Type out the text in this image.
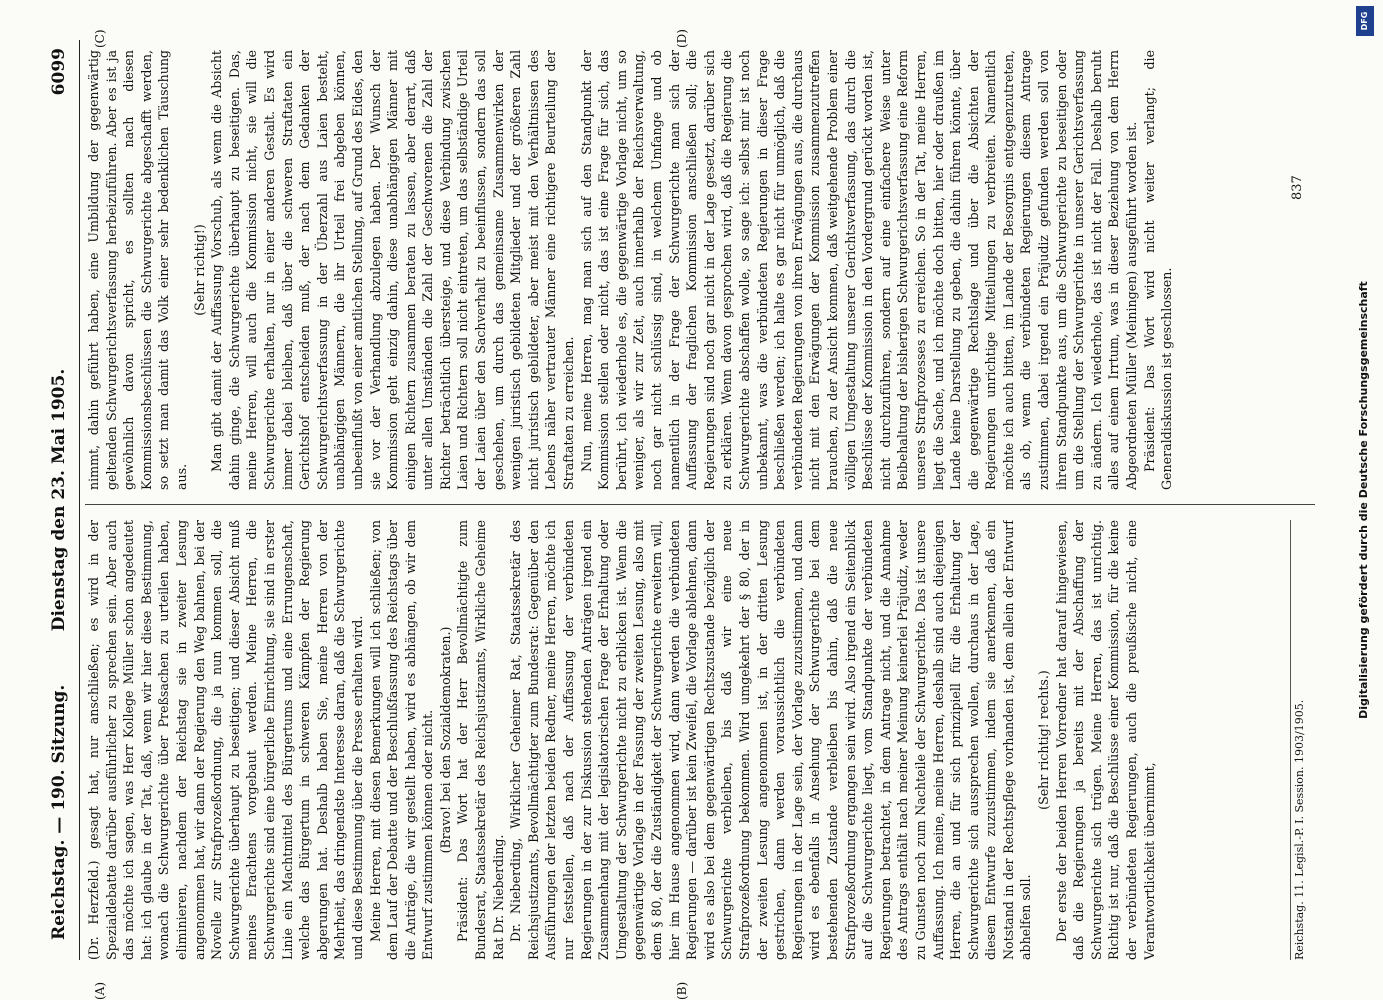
Reichstag. — 190. Sitzung.
Dienstag den 23. Mai 1905.
6099
(A)	(B)
(C)	(D)

(Dr. Herzfeld.) gesagt hat, nur anschließen; es wird in der Spezialdebatte darüber ausführlicher zu sprechen sein. Aber auch das möchte ich sagen, was Herr Kollege Müller schon angedeutet hat: ich glaube in der Tat, daß, wenn wir hier diese Bestimmung, wonach die Schwurgerichte über Preßsachen zu urteilen haben, eliminieren, nachdem der Reichstag sie in zweiter Lesung angenommen hat, wir dann der Regierung den Weg bahnen, bei der Novelle zur Strafprozeßordnung, die ja nun kommen soll, die Schwurgerichte überhaupt zu beseitigen; und dieser Absicht muß meines Erachtens vorgebaut werden. Meine Herren, die Schwurgerichte sind eine bürgerliche Einrichtung, sie sind in erster Linie ein Machtmittel des Bürgertums und eine Errungenschaft, welche das Bürgertum in schweren Kämpfen der Regierung abgerungen hat. Deshalb haben Sie, meine Herren von der Mehrheit, das dringendste Interesse daran, daß die Schwurgerichte und diese Bestimmung über die Presse erhalten wird. Meine Herren, mit diesen Bemerkungen will ich schließen; von dem Lauf der Debatte und der Beschlußfassung des Reichstags über die Anträge, die wir gestellt haben, wird es abhängen, ob wir dem Entwurf zustimmen können oder nicht. (Bravo! bei den Sozialdemokraten.) Präsident: Das Wort hat der Herr Bevollmächtigte zum Bundesrat, Staatssekretär des Reichsjustizamts, Wirkliche Geheime Rat Dr. Nieberding. Dr. Nieberding, Wirklicher Geheimer Rat, Staatssekretär des Reichsjustizamts, Bevollmächtigter zum Bundesrat: Gegenüber den Ausführungen der letzten beiden Redner, meine Herren, möchte ich nur feststellen, daß nach der Auffassung der verbündeten Regierungen in der zur Diskussion stehenden Anträgen irgend ein Zusammenhang mit der legislatorischen Frage der Erhaltung oder Umgestaltung der Schwurgerichte nicht zu erblicken ist. Wenn die gegenwärtige Vorlage in der Fassung der zweiten Lesung, also mit dem § 80, der die Zuständigkeit der Schwurgerichte erweitern will, hier im Hause angenommen wird, dann werden die verbündeten Regierungen — darüber ist kein Zweifel, die Vorlage ablehnen, dann wird es also bei dem gegenwärtigen Rechtszustande bezüglich der Schwurgerichte verbleiben, bis daß wir eine neue Strafprozeßordnung bekommen. Wird umgekehrt der § 80, der in der zweiten Lesung angenommen ist, in der dritten Lesung gestrichen, dann werden voraussichtlich die verbündeten Regierungen in der Lage sein, der Vorlage zuzustimmen, und dann wird es ebenfalls in Ansehung der Schwurgerichte bei dem bestehenden Zustande verbleiben bis dahin, daß die neue Strafprozeßordnung ergangen sein wird. Also irgend ein Seitenblick auf die Schwurgerichte liegt, vom Standpunkte der verbündeten Regierungen betrachtet, in dem Antrage nicht, und die Annahme des Antrags enthält nach meiner Meinung keinerlei Präjudiz, weder zu Gunsten noch zum Nachteile der Schwurgerichte. Das ist unsere Auffassung. Ich meine, meine Herren, deshalb sind auch diejenigen Herren, die an und für sich prinzipiell für die Erhaltung der Schwurgerichte sich aussprechen wollen, durchaus in der Lage, diesem Entwurfe zuzustimmen, indem sie anerkennen, daß ein Notstand in der Rechtspflege vorhanden ist, dem allein der Entwurf abhelfen soll.

(Sehr richtig! rechts.) Der erste der beiden Herren Vorredner hat darauf hingewiesen, daß die Regierungen ja bereits mit der Abschaffung der Schwurgerichte sich trügen. Meine Herren, das ist unrichtig. Richtig ist nur, daß die Beschlüsse einer Kommission, für die keine der verbündeten Regierungen, auch die preußische nicht, eine Verantwortlichkeit übernimmt,

nimmt, dahin geführt haben, eine Umbildung der gegenwärtig geltenden Schwurgerichtsverfassung herbeizuführen. Aber es ist ja gewöhnlich davon spricht, es sollten nach diesen Kommissionsbeschlüssen die Schwurgerichte abgeschafft werden, so setzt man damit das Volk einer sehr bedenklichen Täuschung aus.

(Sehr richtig!) Man gibt damit der Auffassung Vorschub, als wenn die Absicht dahin ginge, die Schwurgerichte überhaupt zu beseitigen. Das, meine Herren, will auch die Kommission nicht, sie will die Schwurgerichte erhalten, nur in einer anderen Gestalt. Es wird immer dabei bleiben, daß über die schweren Straftaten ein Gerichtshof entscheiden muß, der nach dem Gedanken der Schwurgerichtsverfassung in der Überzahl aus Laien besteht, unabhängigen Männern, die ihr Urteil frei abgeben können, unbeeinflußt von einer amtlichen Stellung, auf Grund des Eides, den sie vor der Verhandlung abzulegen haben. Der Wunsch der Kommission geht einzig dahin, diese unabhängigen Männer mit einigen Richtern zusammen beraten zu lassen, aber derart, daß unter allen Umständen die Zahl der Geschworenen die Zahl der Richter beträchtlich übersteige, und diese Verbindung zwischen Laien und Richtern soll nicht eintreten, um das selbständige Urteil der Laien über den Sachverhalt zu beeinflussen, sondern das soll geschehen, um durch das gemeinsame Zusammenwirken der wenigen juristisch gebildeten Mitglieder und der größeren Zahl nicht juristisch gebildeter, aber meist mit den Verhältnissen des Lebens näher vertrauter Männer eine richtigere Beurteilung der Straftaten zu erreichen. Nun, meine Herren, mag man sich auf den Standpunkt der Kommission stellen oder nicht, das ist eine Frage für sich, das berührt, ich wiederhole es, die gegenwärtige Vorlage nicht, um so weniger, als wir zur Zeit, auch innerhalb der Reichsverwaltung, noch gar nicht schlüssig sind, in welchem Umfange und ob namentlich in der Frage der Schwurgerichte man sich der Auffassung der fraglichen Kommission anschließen soll; die Regierungen sind noch gar nicht in der Lage gesetzt, darüber sich zu erklären. Wenn davon gesprochen wird, daß die Regierung die Schwurgerichte abschaffen wolle, so sage ich: selbst mir ist noch unbekannt, was die verbündeten Regierungen in dieser Frage beschließen werden; ich halte es gar nicht für unmöglich, daß die verbündeten Regierungen von ihren Erwägungen aus, die durchaus nicht mit den Erwägungen der Kommission zusammenzutreffen brauchen, zu der Ansicht kommen, daß weitgehende Problem einer völligen Umgestaltung unserer Gerichtsverfassung, das durch die Beschlüsse der Kommission in den Vordergrund gerückt worden ist, nicht durchzuführen, sondern auf eine einfachere Weise unter Beibehaltung der bisherigen Schwurgerichtsverfassung eine Reform unseres Strafprozesses zu erreichen. So in der Tat, meine Herren, liegt die Sache, und ich möchte doch bitten, hier oder draußen im Lande keine Darstellung zu geben, die dahin führen könnte, über die gegenwärtige Rechtslage und über die Absichten der Regierungen unrichtige Mitteilungen zu verbreiten. Namentlich möchte ich auch bitten, im Lande der Besorgnis entgegenzutreten, als ob, wenn die verbündeten Regierungen diesem Antrage zustimmen, dabei irgend ein Präjudiz gefunden werden soll von ihrem Standpunkte aus, um die Schwurgerichte zu beseitigen oder um die Stellung der Schwurgerichte in unserer Gerichtsverfassung zu ändern. Ich wiederhole, das ist nicht der Fall. Deshalb beruht alles auf einem Irrtum, was in dieser Beziehung von dem Herrn Abgeordneten Müller (Meiningen) ausgeführt worden ist. Präsident: Das Wort wird nicht weiter verlangt; die Generaldiskussion ist geschlossen.

Reichstag. 11. Legisl.-P. I. Session. 1903/1905.
837
DFG
Digitalisierung gefördert durch die Deutsche Forschungsgemeinschaft
